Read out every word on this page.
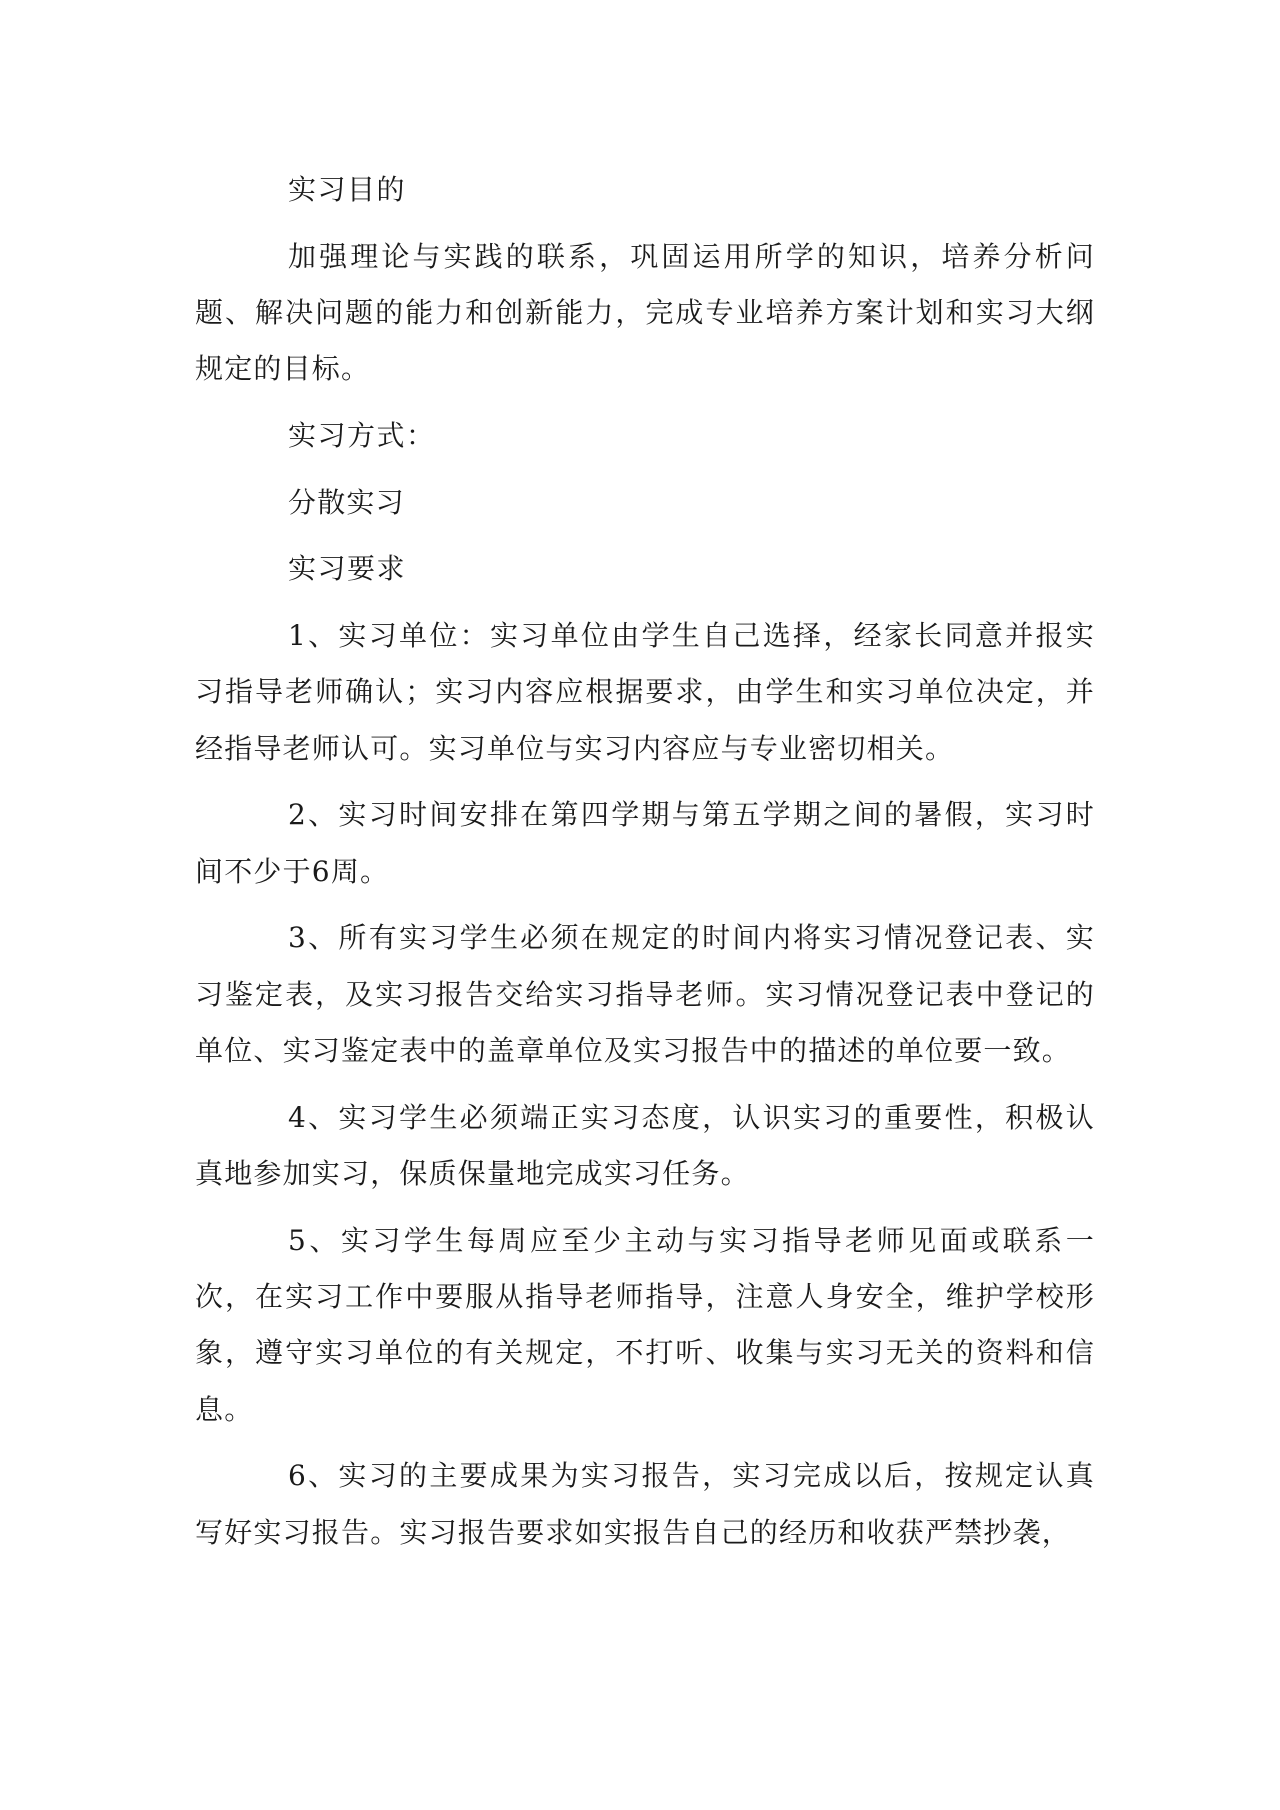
实习目的

加强理论与实践的联系，巩固运用所学的知识，培养分析问题、解决问题的能力和创新能力，完成专业培养方案计划和实习大纲规定的目标。

实习方式：

分散实习

实习要求

1、实习单位：实习单位由学生自己选择，经家长同意并报实习指导老师确认；实习内容应根据要求，由学生和实习单位决定，并经指导老师认可。实习单位与实习内容应与专业密切相关。

2、实习时间安排在第四学期与第五学期之间的暑假，实习时间不少于6周。

3、所有实习学生必须在规定的时间内将实习情况登记表、实习鉴定表，及实习报告交给实习指导老师。实习情况登记表中登记的单位、实习鉴定表中的盖章单位及实习报告中的描述的单位要一致。

4、实习学生必须端正实习态度，认识实习的重要性，积极认真地参加实习，保质保量地完成实习任务。

5、实习学生每周应至少主动与实习指导老师见面或联系一次，在实习工作中要服从指导老师指导，注意人身安全，维护学校形象，遵守实习单位的有关规定，不打听、收集与实习无关的资料和信息。

6、实习的主要成果为实习报告，实习完成以后，按规定认真写好实习报告。实习报告要求如实报告自己的经历和收获严禁抄袭，
